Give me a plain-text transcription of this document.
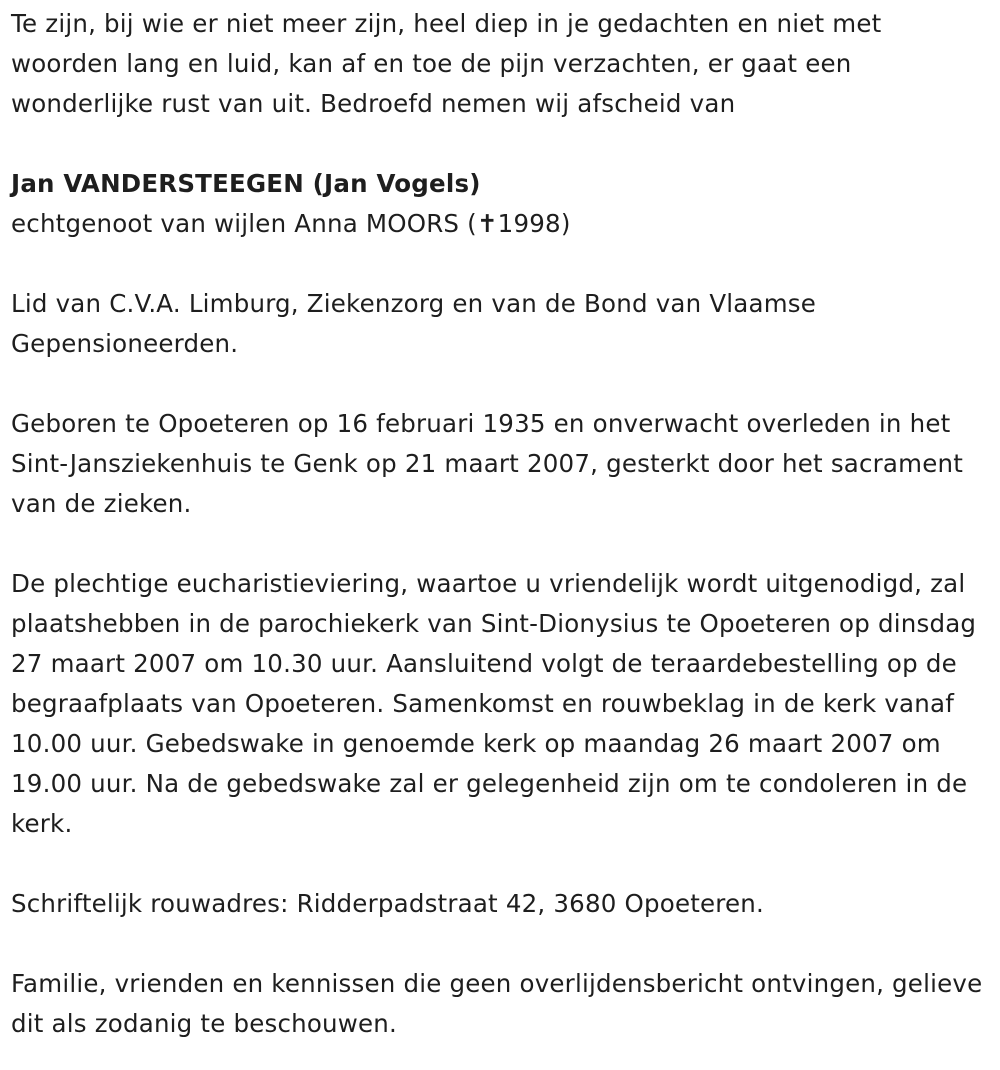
Te zijn, bij wie er niet meer zijn, heel diep in je gedachten en niet met woorden lang en luid, kan af en toe de pijn verzachten, er gaat een wonderlijke rust van uit. Bedroefd nemen wij afscheid van

Jan VANDERSTEEGEN (Jan Vogels)

echtgenoot van wijlen Anna MOORS (✝1998)

Lid van C.V.A. Limburg, Ziekenzorg en van de Bond van Vlaamse Gepensioneerden.

Geboren te Opoeteren op 16 februari 1935 en onverwacht overleden in het Sint-Jansziekenhuis te Genk op 21 maart 2007, gesterkt door het sacrament van de zieken.

De plechtige eucharistieviering, waartoe u vriendelijk wordt uitgenodigd, zal plaatshebben in de parochiekerk van Sint-Dionysius te Opoeteren op dinsdag 27 maart 2007 om 10.30 uur. Aansluitend volgt de teraardebestelling op de begraafplaats van Opoeteren. Samenkomst en rouwbeklag in de kerk vanaf 10.00 uur. Gebedswake in genoemde kerk op maandag 26 maart 2007 om 19.00 uur. Na de gebedswake zal er gelegenheid zijn om te condoleren in de kerk.

Schriftelijk rouwadres: Ridderpadstraat 42, 3680 Opoeteren.

Familie, vrienden en kennissen die geen overlijdensbericht ontvingen, gelieve dit als zodanig te beschouwen.
